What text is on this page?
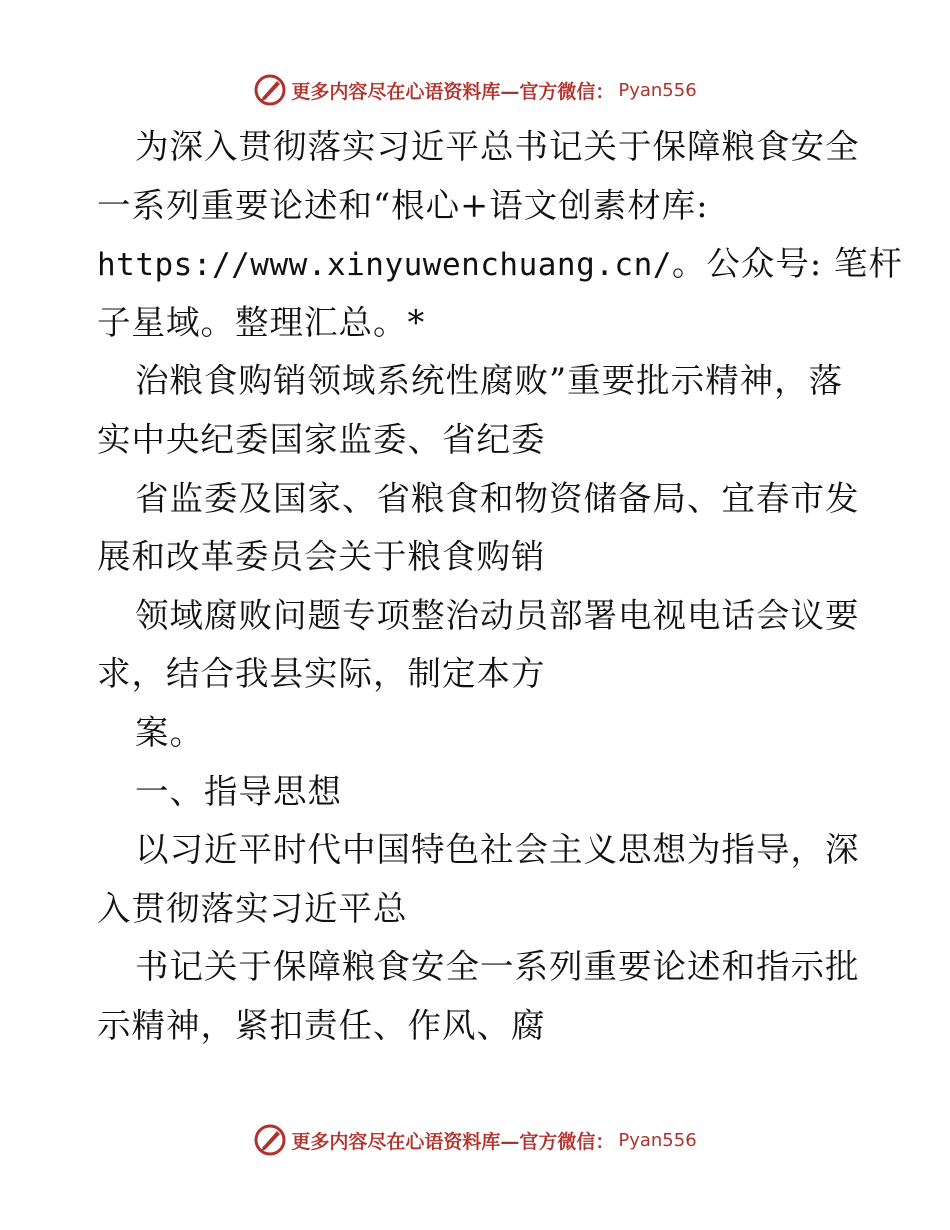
更多内容尽在心语资料库—官方微信： Pyan556
为深入贯彻落实习近平总书记关于保障粮食安全
一系列重要论述和“根心+语文创素材库:
https://www.xinyuwenchuang.cn/。公众号: 笔杆
子星域。整理汇总。*
治粮食购销领域系统性腐败”重要批示精神，落
实中央纪委国家监委、省纪委
省监委及国家、省粮食和物资储备局、宜春市发
展和改革委员会关于粮食购销
领域腐败问题专项整治动员部署电视电话会议要
求，结合我县实际，制定本方
案。
一、指导思想
以习近平时代中国特色社会主义思想为指导，深
入贯彻落实习近平总
书记关于保障粮食安全一系列重要论述和指示批
示精神，紧扣责任、作风、腐
更多内容尽在心语资料库—官方微信： Pyan556
